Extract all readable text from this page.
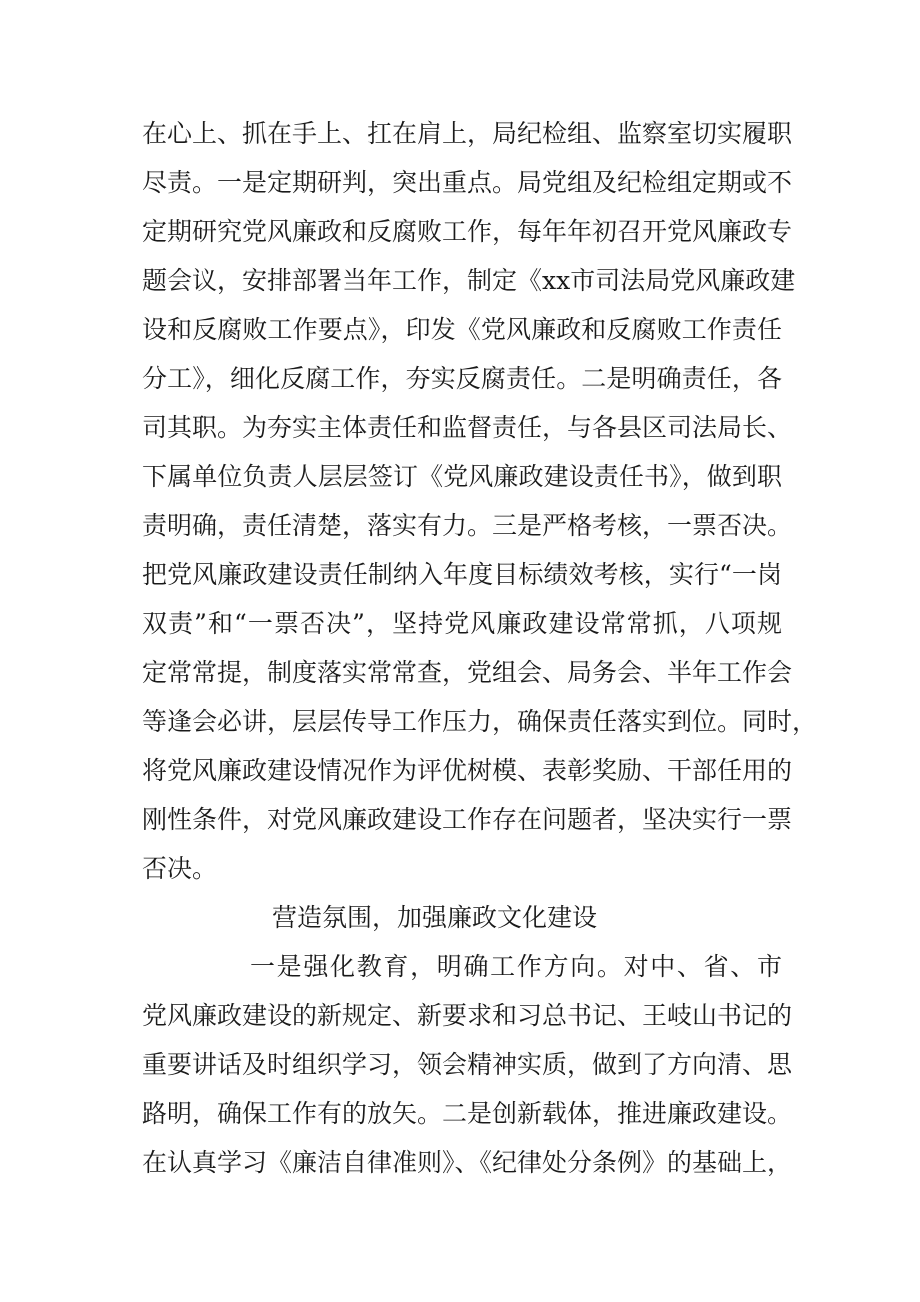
在心上、抓在手上、扛在肩上，局纪检组、监察室切实履职
尽责。一是定期研判，突出重点。局党组及纪检组定期或不
定期研究党风廉政和反腐败工作，每年年初召开党风廉政专
题会议，安排部署当年工作，制定《xx市司法局党风廉政建
设和反腐败工作要点》，印发《党风廉政和反腐败工作责任
分工》，细化反腐工作，夯实反腐责任。二是明确责任，各
司其职。为夯实主体责任和监督责任，与各县区司法局长、
下属单位负责人层层签订《党风廉政建设责任书》，做到职
责明确，责任清楚，落实有力。三是严格考核，一票否决。
把党风廉政建设责任制纳入年度目标绩效考核，实行“一岗
双责”和“一票否决”，坚持党风廉政建设常常抓，八项规
定常常提，制度落实常常查，党组会、局务会、半年工作会
等逢会必讲，层层传导工作压力，确保责任落实到位。同时，
将党风廉政建设情况作为评优树模、表彰奖励、干部任用的
刚性条件，对党风廉政建设工作存在问题者，坚决实行一票
否决。
营造氛围，加强廉政文化建设
一是强化教育，明确工作方向。对中、省、市
党风廉政建设的新规定、新要求和习总书记、王岐山书记的
重要讲话及时组织学习，领会精神实质，做到了方向清、思
路明，确保工作有的放矢。二是创新载体，推进廉政建设。
在认真学习《廉洁自律准则》、《纪律处分条例》的基础上，
